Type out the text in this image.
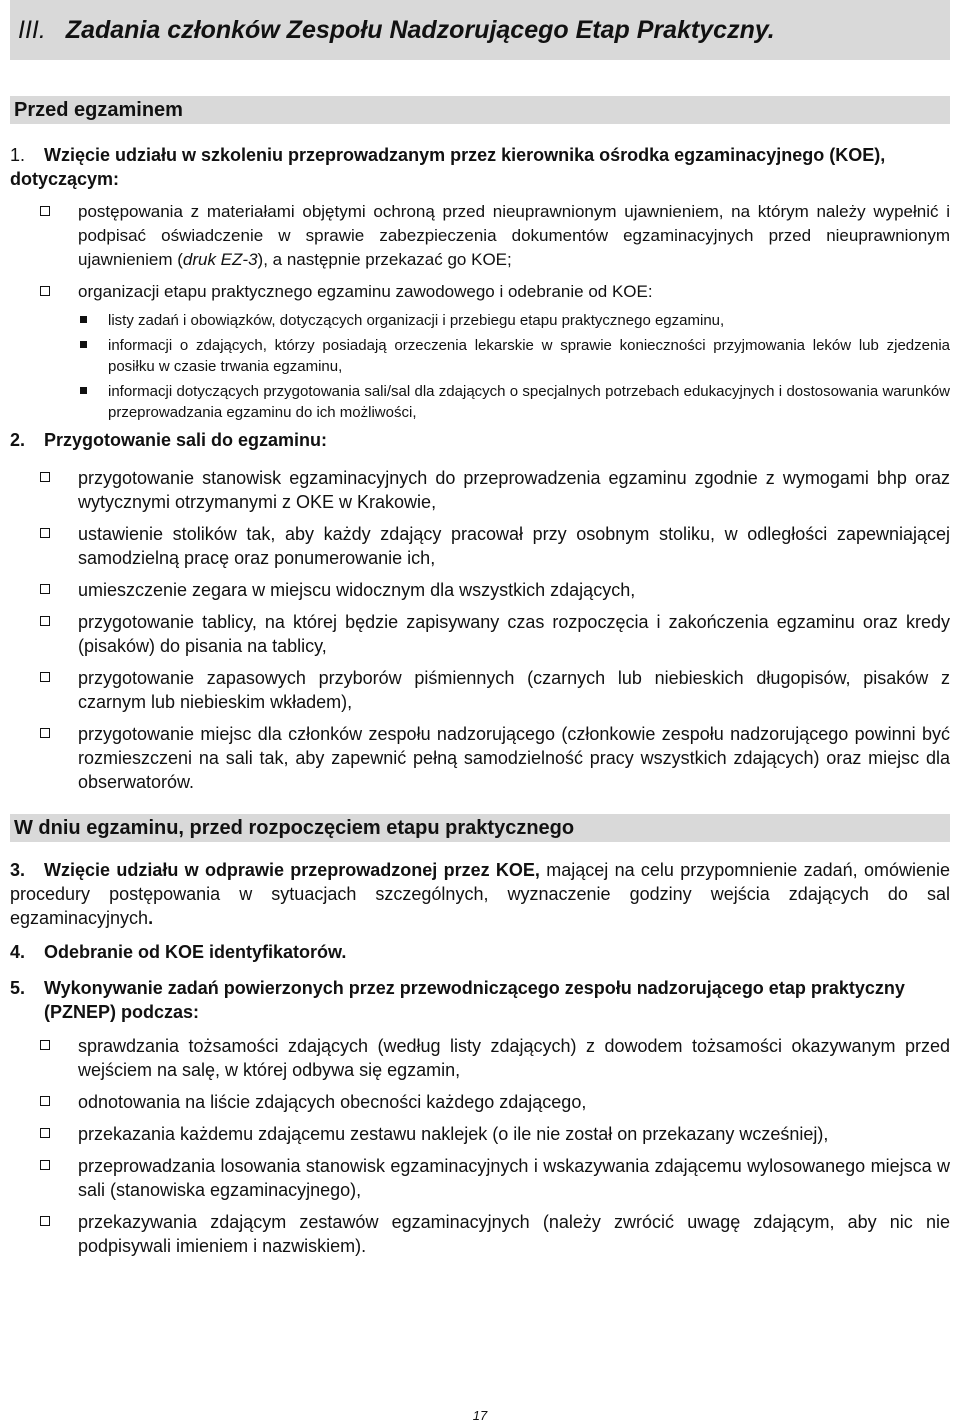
III. Zadania członków Zespołu Nadzorującego Etap Praktyczny.
Przed egzaminem
1. Wzięcie udziału w szkoleniu przeprowadzanym przez kierownika ośrodka egzaminacyjnego (KOE), dotyczącym:
postępowania z materiałami objętymi ochroną przed nieuprawnionym ujawnieniem, na którym należy wypełnić i podpisać oświadczenie w sprawie zabezpieczenia dokumentów egzaminacyjnych przed nieuprawnionym ujawnieniem (druk EZ-3), a następnie przekazać go KOE;
organizacji etapu praktycznego egzaminu zawodowego i odebranie od KOE:
listy zadań i obowiązków, dotyczących organizacji i przebiegu etapu praktycznego egzaminu,
informacji o zdających, którzy posiadają orzeczenia lekarskie w sprawie konieczności przyjmowania leków lub zjedzenia posiłku w czasie trwania egzaminu,
informacji dotyczących przygotowania sali/sal dla zdających o specjalnych potrzebach edukacyjnych i dostosowania warunków przeprowadzania egzaminu do ich możliwości,
2. Przygotowanie sali do egzaminu:
przygotowanie stanowisk egzaminacyjnych do przeprowadzenia egzaminu zgodnie z wymogami bhp oraz wytycznymi otrzymanymi z OKE w Krakowie,
ustawienie stolików tak, aby każdy zdający pracował przy osobnym stoliku, w odległości zapewniającej samodzielną pracę oraz ponumerowanie ich,
umieszczenie zegara w miejscu widocznym dla wszystkich zdających,
przygotowanie tablicy, na której będzie zapisywany czas rozpoczęcia i zakończenia egzaminu oraz kredy (pisaków) do pisania na tablicy,
przygotowanie zapasowych przyborów piśmiennych (czarnych lub niebieskich długopisów, pisaków z czarnym lub niebieskim wkładem),
przygotowanie miejsc dla członków zespołu nadzorującego (członkowie zespołu nadzorującego powinni być rozmieszczeni na sali tak, aby zapewnić pełną samodzielność pracy wszystkich zdających) oraz miejsc dla obserwatorów.
W dniu egzaminu, przed rozpoczęciem etapu praktycznego
3. Wzięcie udziału w odprawie przeprowadzonej przez KOE, mającej na celu przypomnienie zadań, omówienie procedury postępowania w sytuacjach szczególnych, wyznaczenie godziny wejścia zdających do sal egzaminacyjnych.
4. Odebranie od KOE identyfikatorów.
5. Wykonywanie zadań powierzonych przez przewodniczącego zespołu nadzorującego etap praktyczny (PZNEP) podczas:
sprawdzania tożsamości zdających (według listy zdających) z dowodem tożsamości okazywanym przed wejściem na salę, w której odbywa się egzamin,
odnotowania na liście zdających obecności każdego zdającego,
przekazania każdemu zdającemu zestawu naklejek (o ile nie został on przekazany wcześniej),
przeprowadzania losowania stanowisk egzaminacyjnych i wskazywania zdającemu wylosowanego miejsca w sali (stanowiska egzaminacyjnego),
przekazywania zdającym zestawów egzaminacyjnych (należy zwrócić uwagę zdającym, aby nic nie podpisywali imieniem i nazwiskiem).
17
